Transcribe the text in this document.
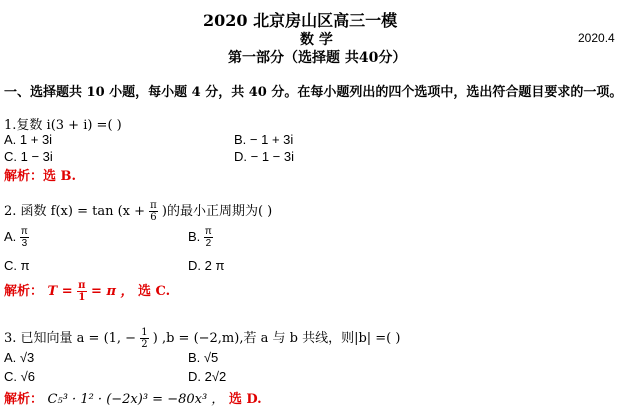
2020 北京房山区高三一模
数 学	2020.4
第一部分（选择题 共40分）
一、选择题共 10 小题，每小题 4 分，共 40 分。在每小题列出的四个选项中，选出符合题目要求的一项。
1.复数 i(3 + i) =( )
A. 1 + 3i	B. − 1 + 3i
C. 1 − 3i	D. − 1 − 3i
解析：选 B.
2. 函数 $f(x) = \tan (x + \frac{\pi}{6}$ )的最小正周期为( )
A. $\frac{\pi}{3}$	B. $\frac{\pi}{2}$
C. π	D. 2 π
解析： $T = \frac{\pi}{1} = \pi$ ， 选 C.
3. 已知向量 a = (1, − $\frac{1}{2}$ ) ,b = (−2,m),若 a 与 b 共线，则|b| =( )
A. √3	B. √5
C. √6	D. 2√2
解析： C₅³ · 1² · (−2x)³ = −80x³ ， 选 D.
